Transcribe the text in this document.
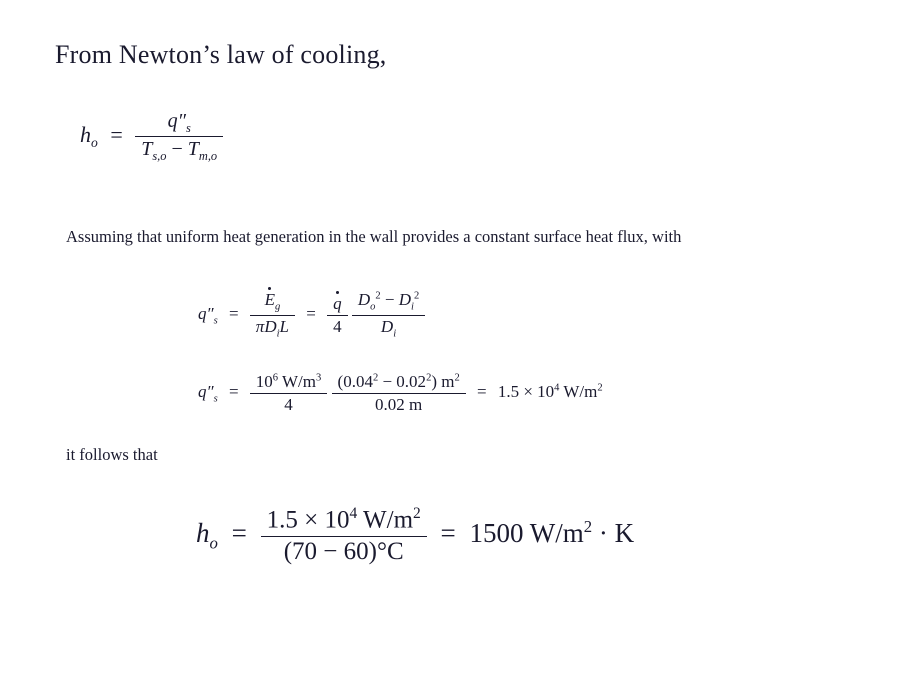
From Newton’s law of cooling,
$h_o = \frac{q''_s}{T_{s,o} - T_{m,o}}$
Assuming that uniform heat generation in the wall provides a constant surface heat flux, with
$q''_s = \frac{E_g}{\pi D_iL} = \frac{q}{4}$
$\frac{D_o^2 - D_i^2}{D_i}$
$q''_s = \frac{10^6 W/m^3}{4}$
$\frac{(0.04^2 - 0.02^2) m^2}{0.02 m} = 1.5 \times 10^4$ $W/m^2$
it follows that
$h_o = \frac{1.5 \times 10^4 W/m^2}{(70 - 60)^\circ C} = 1500$ $W/m^2 \cdot K$
